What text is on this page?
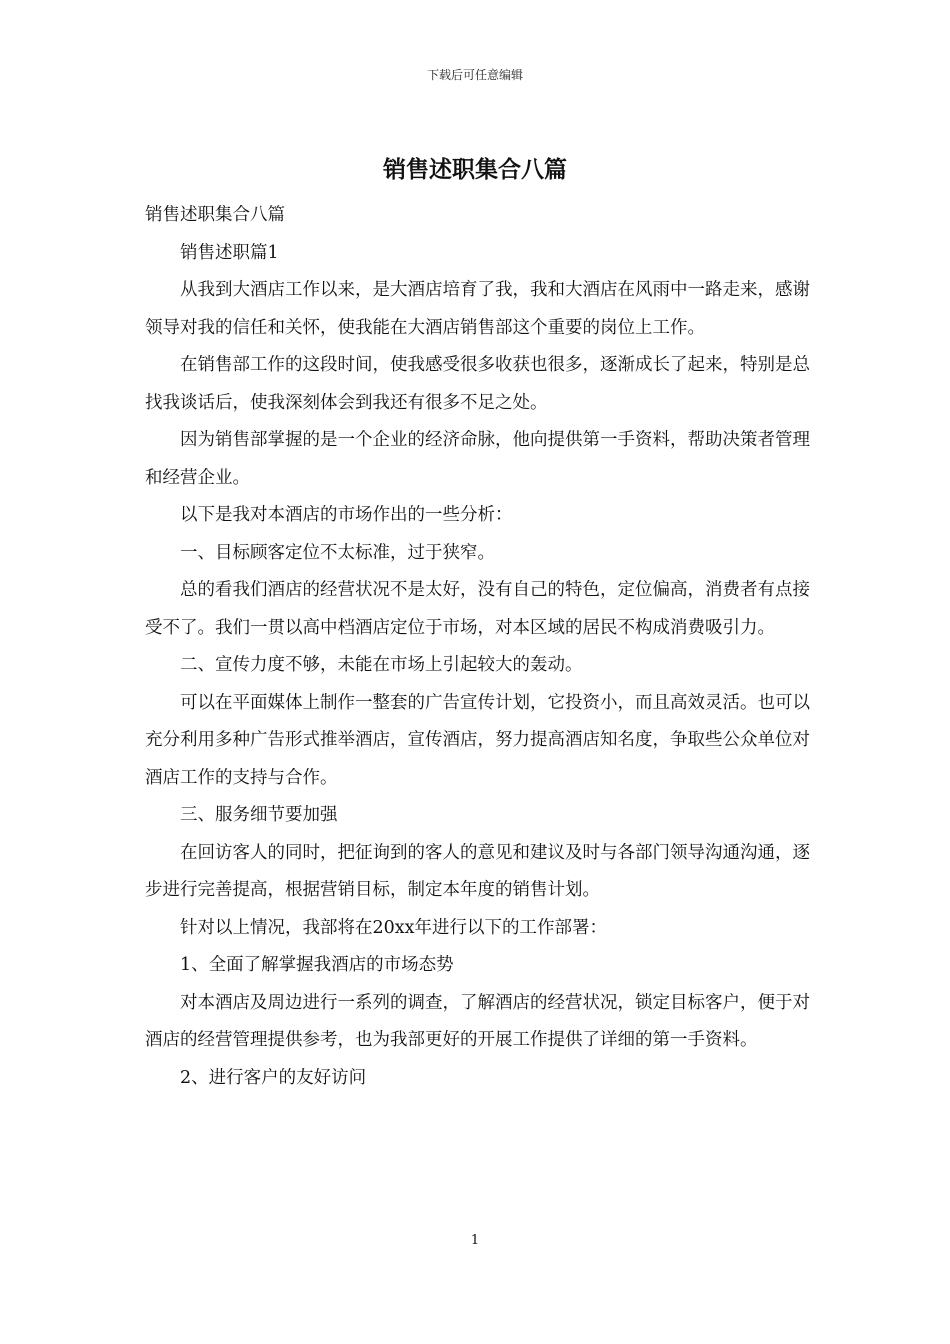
下载后可任意编辑
销售述职集合八篇

销售述职集合八篇

销售述职篇1

从我到大酒店工作以来，是大酒店培育了我，我和大酒店在风雨中一路走来，感谢领导对我的信任和关怀，使我能在大酒店销售部这个重要的岗位上工作。

在销售部工作的这段时间，使我感受很多收获也很多，逐渐成长了起来，特别是总找我谈话后，使我深刻体会到我还有很多不足之处。

因为销售部掌握的是一个企业的经济命脉，他向提供第一手资料，帮助决策者管理和经营企业。

以下是我对本酒店的市场作出的一些分析：

一、目标顾客定位不太标准，过于狭窄。

总的看我们酒店的经营状况不是太好，没有自己的特色，定位偏高，消费者有点接受不了。我们一贯以高中档酒店定位于市场，对本区域的居民不构成消费吸引力。

二、宣传力度不够，未能在市场上引起较大的轰动。

可以在平面媒体上制作一整套的广告宣传计划，它投资小，而且高效灵活。也可以充分利用多种广告形式推举酒店，宣传酒店，努力提高酒店知名度，争取些公众单位对酒店工作的支持与合作。

三、服务细节要加强

在回访客人的同时，把征询到的客人的意见和建议及时与各部门领导沟通沟通，逐步进行完善提高，根据营销目标，制定本年度的销售计划。

针对以上情况，我部将在20xx年进行以下的工作部署：

1、全面了解掌握我酒店的市场态势

对本酒店及周边进行一系列的调查，了解酒店的经营状况，锁定目标客户，便于对酒店的经营管理提供参考，也为我部更好的开展工作提供了详细的第一手资料。

2、进行客户的友好访问

1
